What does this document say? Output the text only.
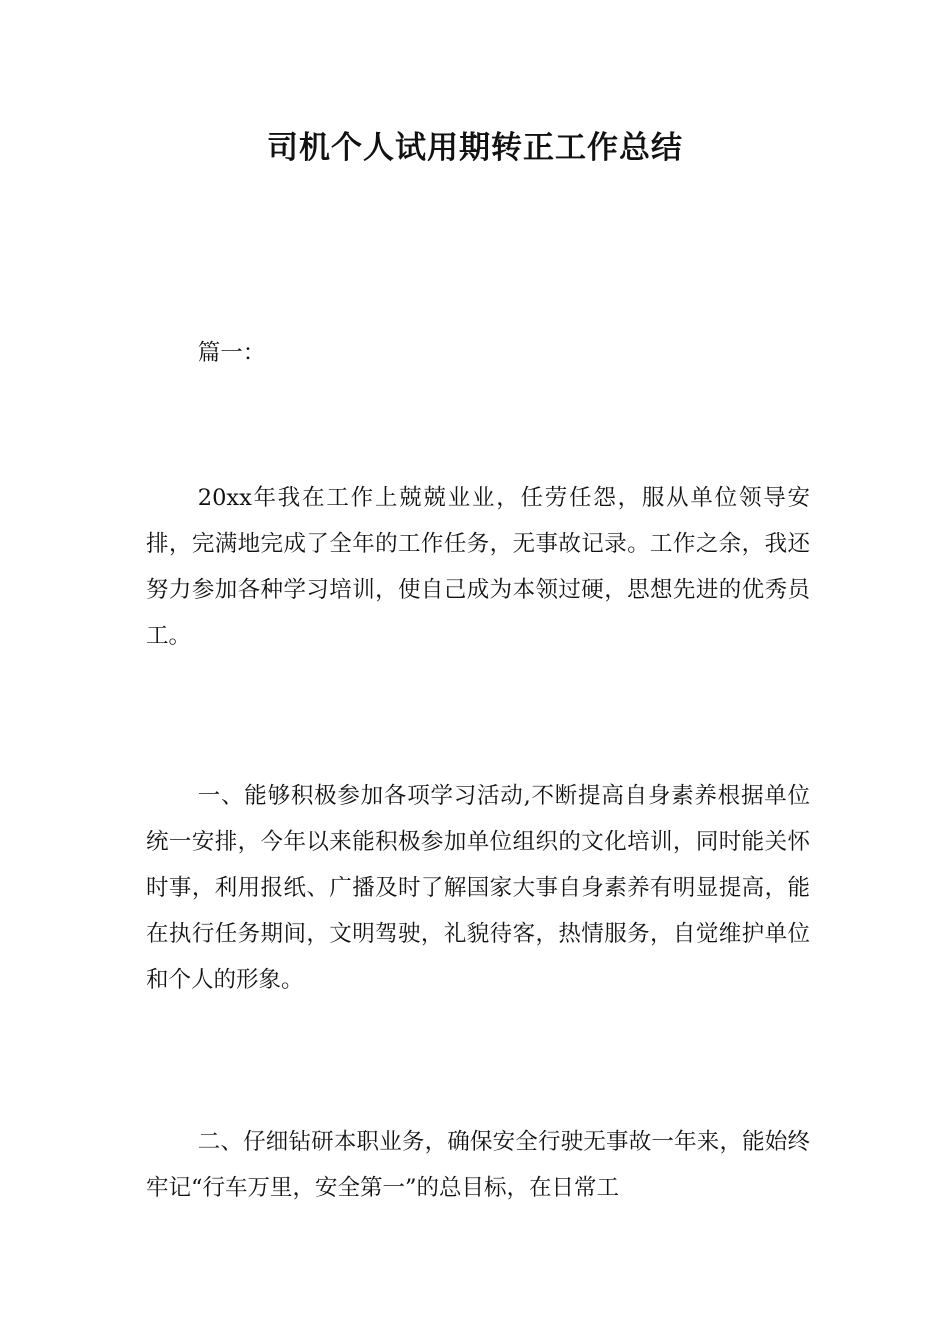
司机个人试用期转正工作总结

篇一：

20xx年我在工作上兢兢业业，任劳任怨，服从单位领导安排，完满地完成了全年的工作任务，无事故记录。工作之余，我还努力参加各种学习培训，使自己成为本领过硬，思想先进的优秀员工。

一、能够积极参加各项学习活动,不断提高自身素养根据单位统一安排，今年以来能积极参加单位组织的文化培训，同时能关怀时事，利用报纸、广播及时了解国家大事自身素养有明显提高，能在执行任务期间，文明驾驶，礼貌待客，热情服务，自觉维护单位和个人的形象。

二、仔细钻研本职业务，确保安全行驶无事故一年来，能始终牢记“行车万里，安全第一”的总目标，在日常工
